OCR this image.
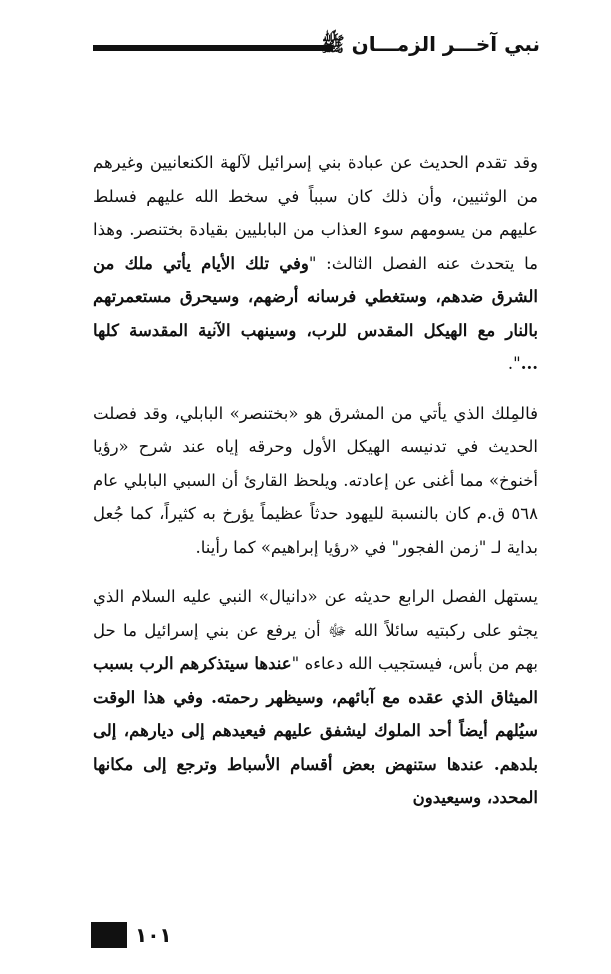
نبي آخـــر الزمـــان ﷺ

وقد تقدم الحديث عن عبادة بني إسرائيل لآلهة الكنعانيين وغيرهم من الوثنيين، وأن ذلك كان سبباً في سخط الله عليهم فسلط عليهم من يسومهم سوء العذاب من البابليين بقيادة بختنصر. وهذا ما يتحدث عنه الفصل الثالث: "وفي تلك الأيام يأتي ملك من الشرق ضدهم، وستغطي فرسانه أرضهم، وسيحرق مستعمرتهم بالنار مع الهيكل المقدس للرب، وسينهب الآنية المقدسة كلها ...".

فالمِلك الذي يأتي من المشرق هو «بختنصر» البابلي، وقد فصلت الحديث في تدنيسه الهيكل الأول وحرقه إياه عند شرح «رؤيا أخنوخ» مما أغنى عن إعادته. ويلحظ القارئ أن السبي البابلي عام ٥٦٨ ق.م كان بالنسبة لليهود حدثاً عظيماً يؤرخ به كثيراً، كما جُعل بداية لـ "زمن الفجور" في «رؤيا إبراهيم» كما رأينا.

يستهل الفصل الرابع حديثه عن «دانيال» النبي عليه السلام الذي يجثو على ركبتيه سائلاً الله ﷻ أن يرفع عن بني إسرائيل ما حل بهم من بأس، فيستجيب الله دعاءه "عندها سيتذكرهم الرب بسبب الميثاق الذي عقده مع آبائهم، وسيظهر رحمته. وفي هذا الوقت سيُلهم أيضاً أحد الملوك ليشفق عليهم فيعيدهم إلى ديارهم، إلى بلدهم. عندها ستنهض بعض أقسام الأسباط وترجع إلى مكانها المحدد، وسيعيدون

١٠١
